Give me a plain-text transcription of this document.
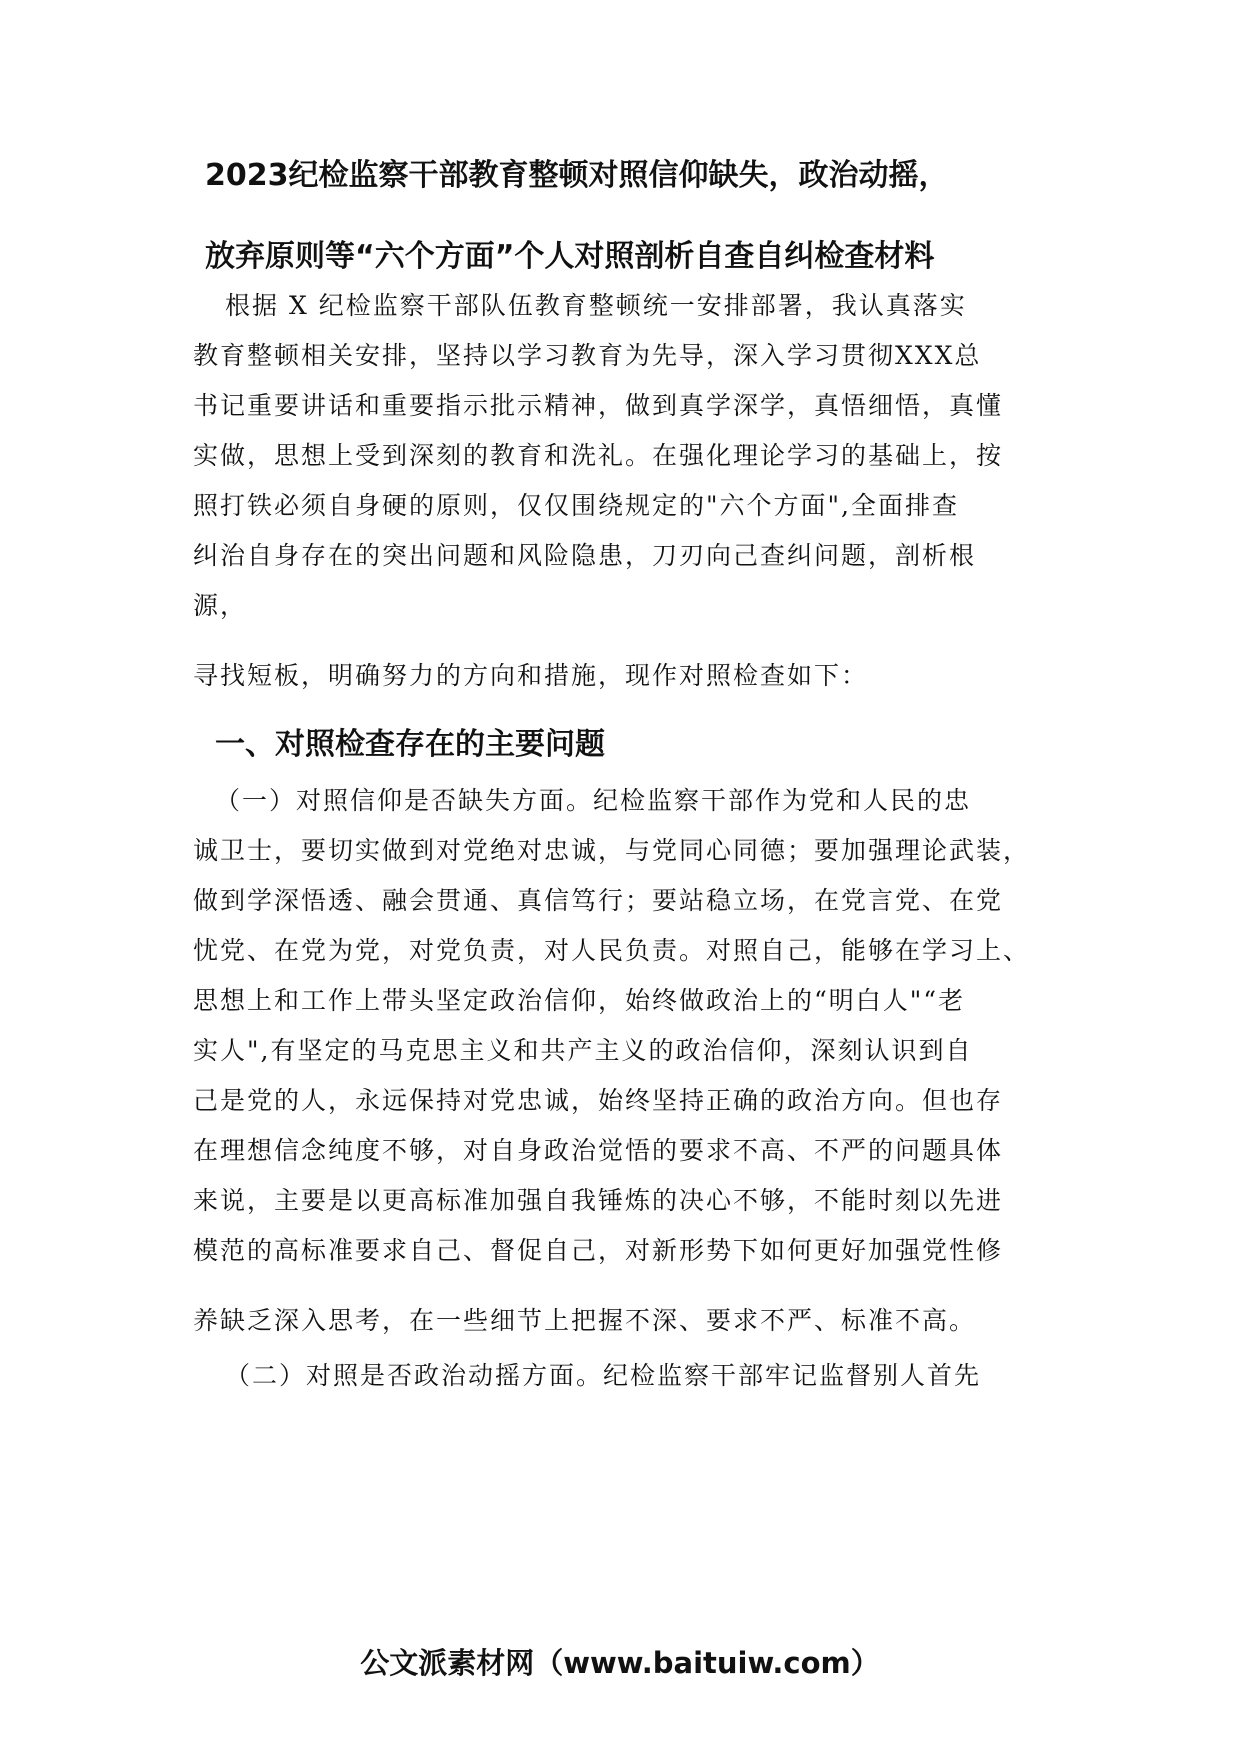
2023纪检监察干部教育整顿对照信仰缺失，政治动摇，
放弃原则等“六个方面”个人对照剖析自查自纠检查材料
根据 X 纪检监察干部队伍教育整顿统一安排部署，我认真落实
教育整顿相关安排，坚持以学习教育为先导，深入学习贯彻XXX总
书记重要讲话和重要指示批示精神，做到真学深学，真悟细悟，真懂
实做，思想上受到深刻的教育和洗礼。在强化理论学习的基础上，按
照打铁必须自身硬的原则，仅仅围绕规定的"六个方面",全面排查
纠治自身存在的突出问题和风险隐患，刀刃向己查纠问题，剖析根
源，
寻找短板，明确努力的方向和措施，现作对照检查如下：
一、对照检查存在的主要问题
（一）对照信仰是否缺失方面。纪检监察干部作为党和人民的忠
诚卫士，要切实做到对党绝对忠诚，与党同心同德；要加强理论武装，
做到学深悟透、融会贯通、真信笃行；要站稳立场，在党言党、在党
忧党、在党为党，对党负责，对人民负责。对照自己，能够在学习上、
思想上和工作上带头坚定政治信仰，始终做政治上的“明白人"“老
实人",有坚定的马克思主义和共产主义的政治信仰，深刻认识到自
己是党的人，永远保持对党忠诚，始终坚持正确的政治方向。但也存
在理想信念纯度不够，对自身政治觉悟的要求不高、不严的问题具体
来说，主要是以更高标准加强自我锤炼的决心不够，不能时刻以先进
模范的高标准要求自己、督促自己，对新形势下如何更好加强党性修
养缺乏深入思考，在一些细节上把握不深、要求不严、标准不高。
（二）对照是否政治动摇方面。纪检监察干部牢记监督别人首先
公文派素材网（www.baituiw.com）
